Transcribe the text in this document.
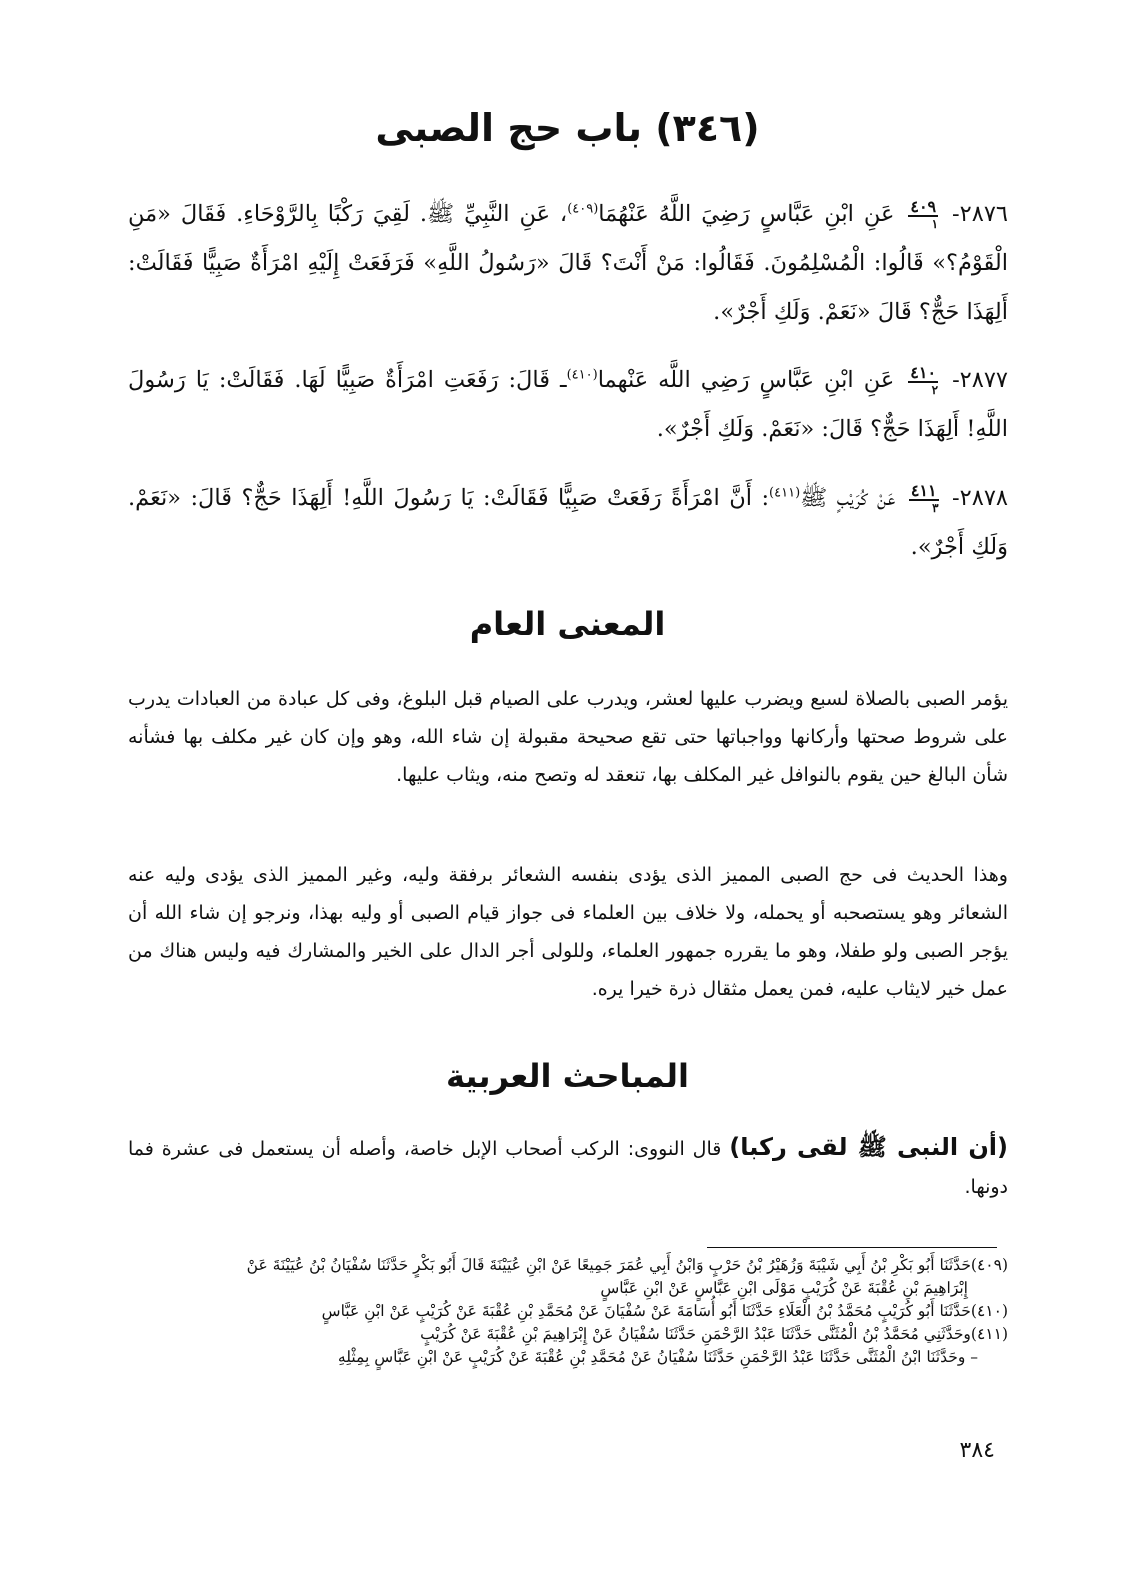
(٣٤٦) باب حج الصبى

٢٨٧٦-
٤٠٩
١
عَنِ ابْنِ عَبَّاسٍ رَضِيَ اللَّهُ عَنْهُمَا$^{(٤٠٩)}$، عَنِ النَّبِيِّ ﷺ. لَقِيَ رَكْبًا بِالرَّوْحَاءِ. فَقَالَ «مَنِ الْقَوْمُ؟» قَالُوا: الْمُسْلِمُونَ. فَقَالُوا: مَنْ أَنْتَ؟ قَالَ «رَسُولُ اللَّهِ» فَرَفَعَتْ إِلَيْهِ امْرَأَةٌ صَبِيًّا فَقَالَتْ: أَلِهَذَا حَجٌّ؟ قَالَ «نَعَمْ. وَلَكِ أَجْرٌ».

٢٨٧٧-
٤١٠
٢
عَنِ ابْنِ عَبَّاسٍ رَضِي اللَّه عَنْهما$^{(٤١٠)}$ـ قَالَ: رَفَعَتِ امْرَأَةٌ صَبِيًّا لَهَا. فَقَالَتْ: يَا رَسُولَ اللَّهِ! أَلِهَذَا حَجٌّ؟ قَالَ: «نَعَمْ. وَلَكِ أَجْرٌ».

٢٨٧٨-
٤١١
٣
عَنْ كُرَيْبٍ ﷺ$^{(٤١١)}$: أَنَّ امْرَأَةً رَفَعَتْ صَبِيًّا فَقَالَتْ: يَا رَسُولَ اللَّهِ! أَلِهَذَا حَجٌّ؟ قَالَ: «نَعَمْ. وَلَكِ أَجْرٌ».

المعنى العام

يؤمر الصبى بالصلاة لسبع ويضرب عليها لعشر، ويدرب على الصيام قبل البلوغ، وفى كل عبادة من العبادات يدرب على شروط صحتها وأركانها وواجباتها حتى تقع صحيحة مقبولة إن شاء الله، وهو وإن كان غير مكلف بها فشأنه شأن البالغ حين يقوم بالنوافل غير المكلف بها، تنعقد له وتصح منه، ويثاب عليها.

وهذا الحديث فى حج الصبى المميز الذى يؤدى بنفسه الشعائر برفقة وليه، وغير المميز الذى يؤدى وليه عنه الشعائر وهو يستصحبه أو يحمله، ولا خلاف بين العلماء فى جواز قيام الصبى أو وليه بهذا، ونرجو إن شاء الله أن يؤجر الصبى ولو طفلا، وهو ما يقرره جمهور العلماء، وللولى أجر الدال على الخير والمشارك فيه وليس هناك من عمل خير لايثاب عليه، فمن يعمل مثقال ذرة خيرا يره.

المباحث العربية

(أن النبى ﷺ لقى ركبا) قال النووى: الركب أصحاب الإبل خاصة، وأصله أن يستعمل فى عشرة فما دونها.

(٤٠٩)حَدَّثَنَا أَبُو بَكْرِ بْنُ أَبِي شَيْبَةَ وَزُهَيْرُ بْنُ حَرْبٍ وَابْنُ أَبِي عُمَرَ جَمِيعًا عَنْ ابْنِ عُيَيْنَةَ قَالَ أَبُو بَكْرٍ حَدَّثَنَا سُفْيَانُ بْنُ عُيَيْنَةَ عَنْ

إِبْرَاهِيمَ بْنِ عُقْبَةَ عَنْ كُرَيْبٍ مَوْلَى ابْنِ عَبَّاسٍ عَنْ ابْنِ عَبَّاسٍ

(٤١٠)حَدَّثَنَا أَبُو كُرَيْبٍ مُحَمَّدُ بْنُ الْعَلَاءِ حَدَّثَنَا أَبُو أُسَامَةَ عَنْ سُفْيَانَ عَنْ مُحَمَّدِ بْنِ عُقْبَةَ عَنْ كُرَيْبٍ عَنْ ابْنِ عَبَّاسٍ

(٤١١)وحَدَّثَنِي مُحَمَّدُ بْنُ الْمُثَنَّى حَدَّثَنَا عَبْدُ الرَّحْمَنِ حَدَّثَنَا سُفْيَانُ عَنْ إِبْرَاهِيمَ بْنِ عُقْبَةَ عَنْ كُرَيْبٍ

– وحَدَّثَنَا ابْنُ الْمُثَنَّى حَدَّثَنَا عَبْدُ الرَّحْمَنِ حَدَّثَنَا سُفْيَانُ عَنْ مُحَمَّدِ بْنِ عُقْبَةَ عَنْ كُرَيْبٍ عَنْ ابْنِ عَبَّاسٍ بِمِثْلِهِ

٣٨٤
